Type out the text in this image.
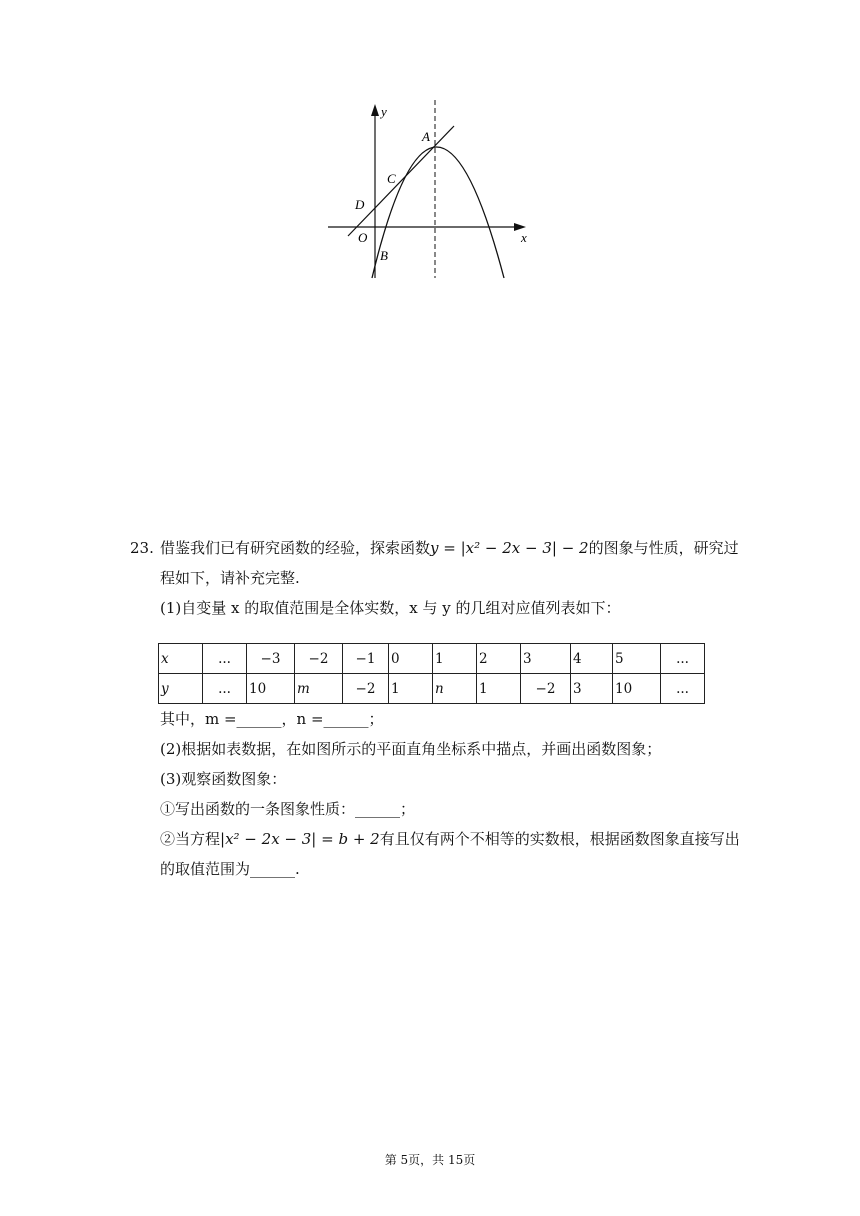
y
x
A
C
D
O
B
23. 借鉴我们已有研究函数的经验，探索函数y = |x² − 2x − 3| − 2的图象与性质，研究过
程如下，请补充完整.
(1)自变量 x 的取值范围是全体实数，x 与 y 的几组对应值列表如下：
x	...	−3	−2	−1	0	1	2	3	4	5	...
y	...	10	m	−2	1	n	1	−2	3	10	...
其中，m =______，n =______；
(2)根据如表数据，在如图所示的平面直角坐标系中描点，并画出函数图象；
(3)观察函数图象：
①写出函数的一条图象性质：______；
②当方程|x² − 2x − 3| = b + 2有且仅有两个不相等的实数根，根据函数图象直接写出
的取值范围为______.
第 5页，共 15页
